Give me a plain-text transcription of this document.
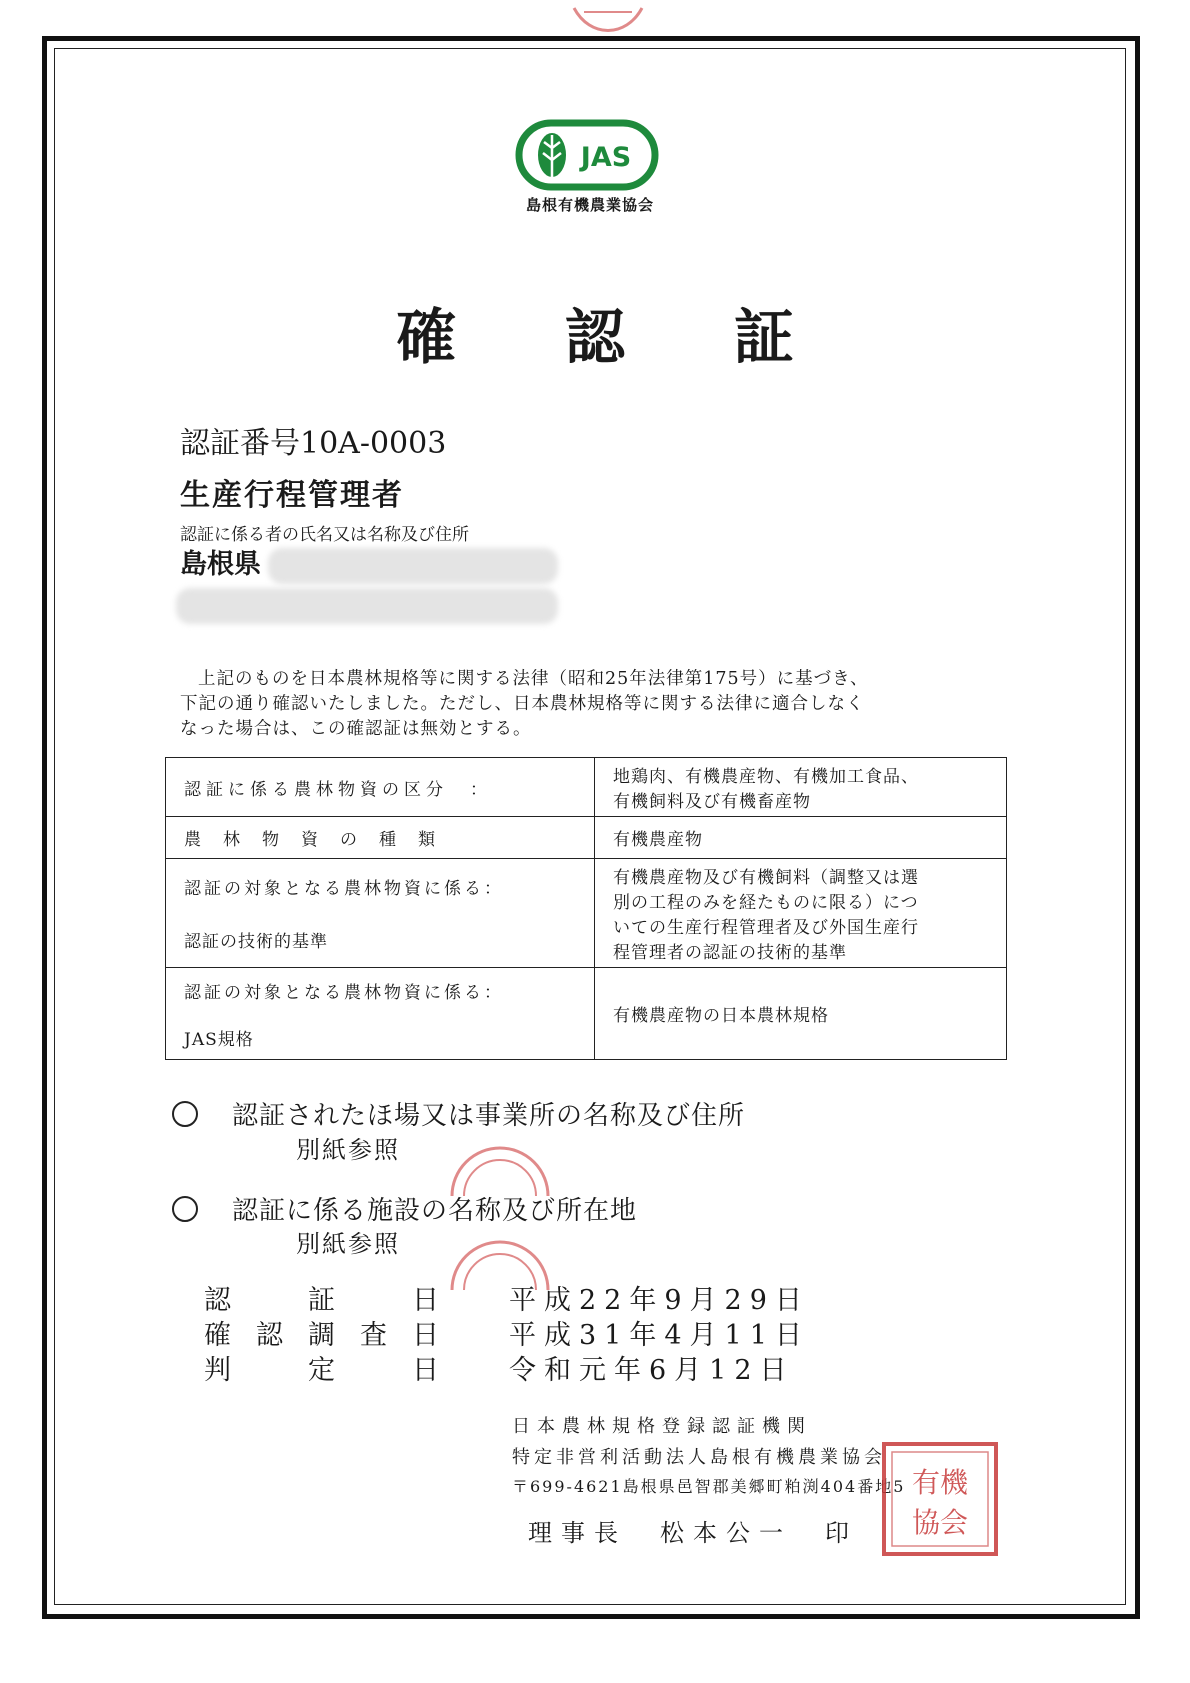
JAS
島根有機農業協会
確 認 証
認証番号10A-0003
生産行程管理者
認証に係る者の氏名又は名称及び住所
島根県
上記のものを日本農林規格等に関する法律（昭和25年法律第175号）に基づき、
下記の通り確認いたしました。ただし、日本農林規格等に関する法律に適合しなく
なった場合は、この確認証は無効とする。
認証に係る農林物資の区分　：	地鶏肉、有機農産物、有機加工食品、
有機飼料及び有機畜産物

農林物資の種類	有機農産物

認証の対象となる農林物資に係る：
認証の技術的基準	有機農産物及び有機飼料（調整又は選
別の工程のみを経たものに限る）につ
いての生産行程管理者及び外国生産行
程管理者の認証の技術的基準

認証の対象となる農林物資に係る：
JAS規格	有機農産物の日本農林規格
認証されたほ場又は事業所の名称及び住所
別紙参照
認証に係る施設の名称及び所在地
別紙参照
認	証	日	平成22年9月29日
確 認 調 査 日	平成31年4月11日
判	定	日	令和元年6月12日
日本農林規格登録認証機関
特定非営利活動法人島根有機農業協会
〒699-4621島根県邑智郡美郷町粕渕404番地5
理事長　松本公一　印
有機
協会
